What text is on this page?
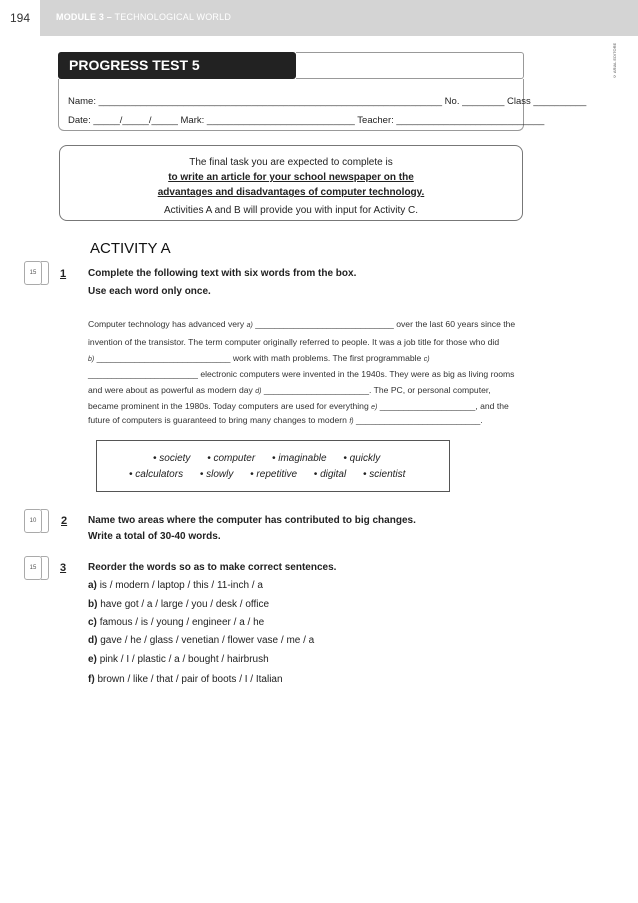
194	MODULE 3 – TECHNOLOGICAL WORLD
© ARIAL EDITORE
PROGRESS TEST 5
Name: _________________________________________________________________ No. ________ Class __________
Date: _____/_____/_____ Mark: ____________________________ Teacher: ____________________________
The final task you are expected to complete is
to write an article for your school newspaper on the
advantages and disadvantages of computer technology.
Activities A and B will provide you with input for Activity C.
ACTIVITY A
15	1 Complete the following text with six words from the box.
Use each word only once.
Computer technology has advanced very a) _____________________________ over the last 60 years since the
invention of the transistor. The term computer originally referred to people. It was a job title for those who did
b) ____________________________ work with math problems. The first programmable c)
_______________________ electronic computers were invented in the 1940s. They were as big as living rooms
and were about as powerful as modern day d) ______________________. The PC, or personal computer,
became prominent in the 1980s. Today computers are used for everything e) ____________________, and the
future of computers is guaranteed to bring many changes to modern f) __________________________.
• society • computer • imaginable • quickly
• calculators • slowly • repetitive • digital • scientist
10	2 Name two areas where the computer has contributed to big changes.
Write a total of 30-40 words.
15	3 Reorder the words so as to make correct sentences.
a) is / modern / laptop / this / 11-inch / a
b) have got / a / large / you / desk / office
c) famous / is / young / engineer / a / he
d) gave / he / glass / venetian / flower vase / me / a
e) pink / I / plastic / a / bought / hairbrush
f) brown / like / that / pair of boots / I / Italian
